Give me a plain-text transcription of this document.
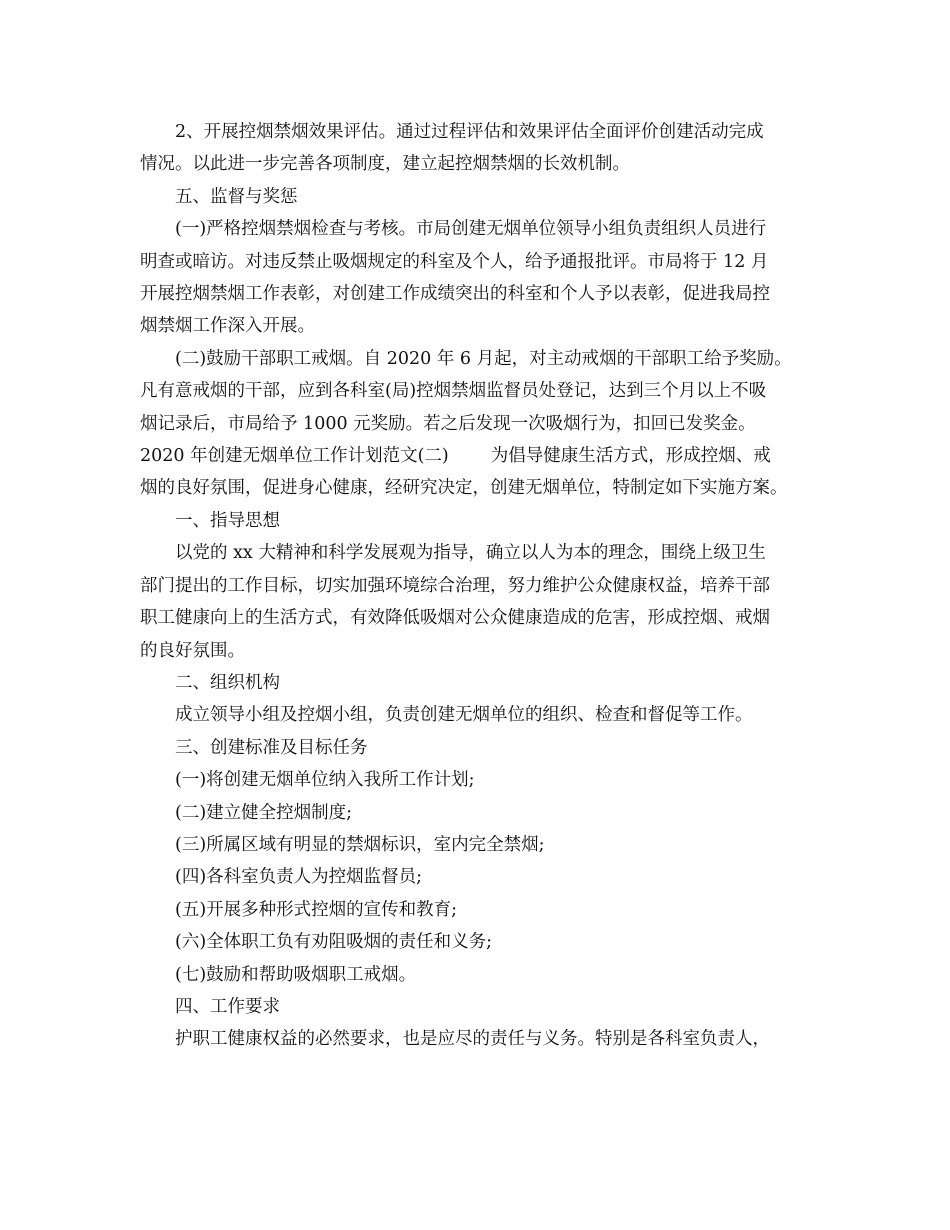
2、开展控烟禁烟效果评估。通过过程评估和效果评估全面评价创建活动完成

情况。以此进一步完善各项制度，建立起控烟禁烟的长效机制。

五、监督与奖惩

(一)严格控烟禁烟检查与考核。市局创建无烟单位领导小组负责组织人员进行

明查或暗访。对违反禁止吸烟规定的科室及个人，给予通报批评。市局将于 12 月

开展控烟禁烟工作表彰，对创建工作成绩突出的科室和个人予以表彰，促进我局控

烟禁烟工作深入开展。

(二)鼓励干部职工戒烟。自 2020 年 6 月起，对主动戒烟的干部职工给予奖励。

凡有意戒烟的干部，应到各科室(局)控烟禁烟监督员处登记，达到三个月以上不吸

烟记录后，市局给予 1000 元奖励。若之后发现一次吸烟行为，扣回已发奖金。

2020 年创建无烟单位工作计划范文(二) 为倡导健康生活方式，形成控烟、戒

烟的良好氛围，促进身心健康，经研究决定，创建无烟单位，特制定如下实施方案。

一、指导思想

以党的 xx 大精神和科学发展观为指导，确立以人为本的理念，围绕上级卫生

部门提出的工作目标，切实加强环境综合治理，努力维护公众健康权益，培养干部

职工健康向上的生活方式，有效降低吸烟对公众健康造成的危害，形成控烟、戒烟

的良好氛围。

二、组织机构

成立领导小组及控烟小组，负责创建无烟单位的组织、检查和督促等工作。

三、创建标准及目标任务

(一)将创建无烟单位纳入我所工作计划;

(二)建立健全控烟制度;

(三)所属区域有明显的禁烟标识，室内完全禁烟;

(四)各科室负责人为控烟监督员;

(五)开展多种形式控烟的宣传和教育;

(六)全体职工负有劝阻吸烟的责任和义务;

(七)鼓励和帮助吸烟职工戒烟。

四、工作要求

护职工健康权益的必然要求，也是应尽的责任与义务。特别是各科室负责人，
